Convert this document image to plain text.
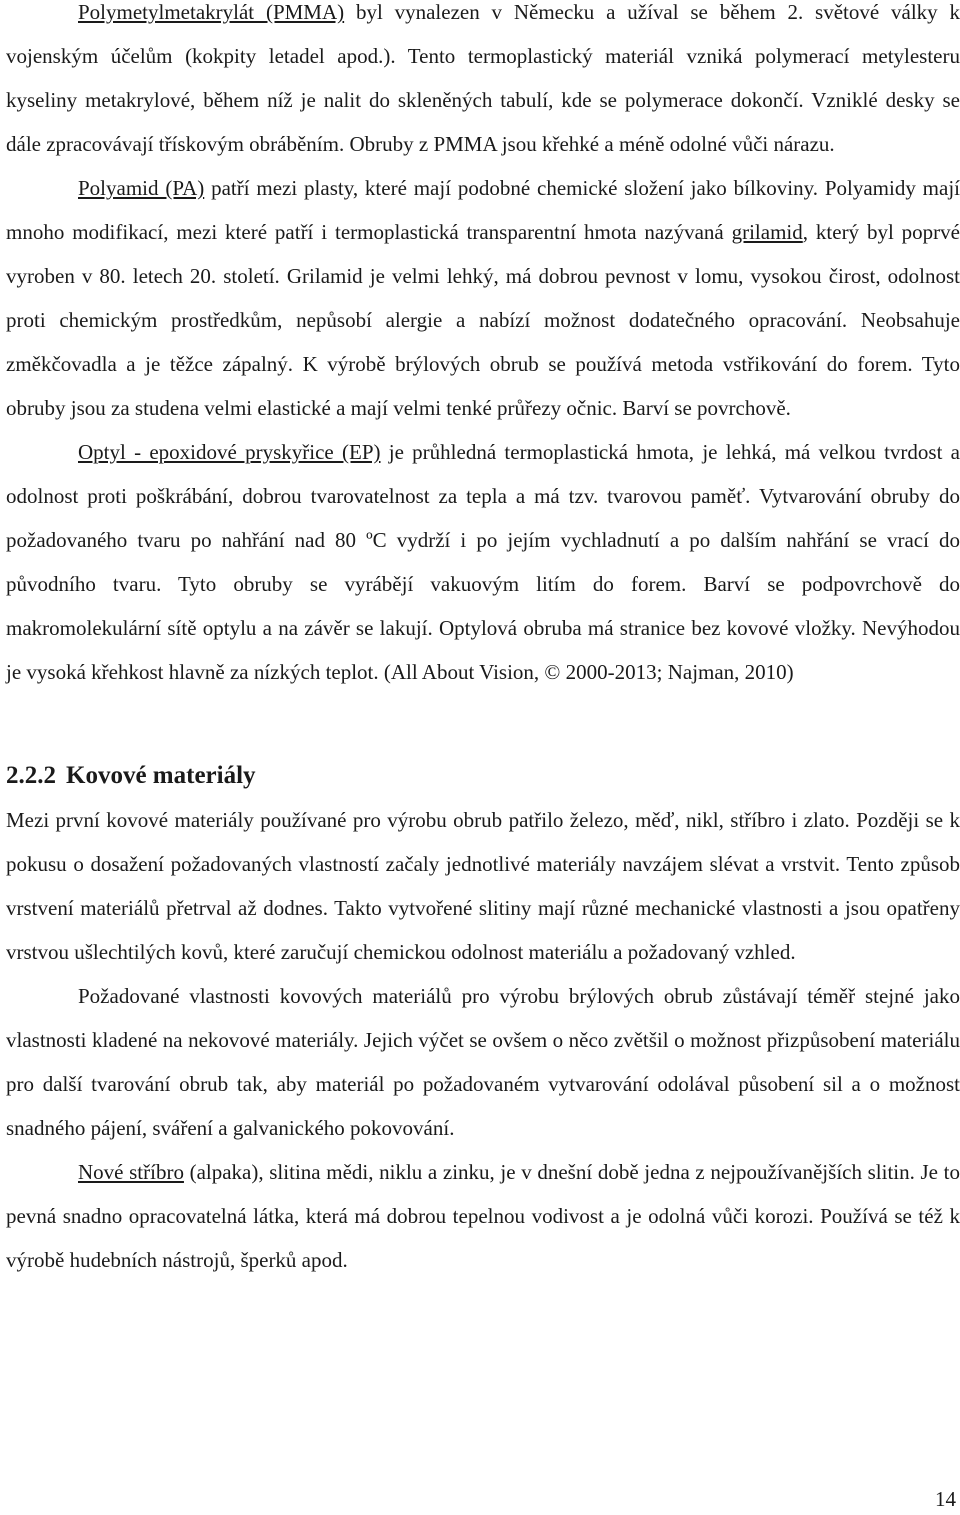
Polymetylmetakrylát (PMMA) byl vynalezen v Německu a užíval se během 2. světové války k vojenským účelům (kokpity letadel apod.). Tento termoplastický materiál vzniká polymerací metylesteru kyseliny metakrylové, během níž je nalit do skleněných tabulí, kde se polymerace dokončí. Vzniklé desky se dále zpracovávají třískovým obráběním. Obruby z PMMA jsou křehké a méně odolné vůči nárazu.

Polyamid (PA) patří mezi plasty, které mají podobné chemické složení jako bílkoviny. Polyamidy mají mnoho modifikací, mezi které patří i termoplastická transparentní hmota nazývaná grilamid, který byl poprvé vyroben v 80. letech 20. století. Grilamid je velmi lehký, má dobrou pevnost v lomu, vysokou čirost, odolnost proti chemickým prostředkům, nepůsobí alergie a nabízí možnost dodatečného opracování. Neobsahuje změkčovadla a je těžce zápalný. K výrobě brýlových obrub se používá metoda vstřikování do forem. Tyto obruby jsou za studena velmi elastické a mají velmi tenké průřezy očnic. Barví se povrchově.

Optyl - epoxidové pryskyřice (EP) je průhledná termoplastická hmota, je lehká, má velkou tvrdost a odolnost proti poškrábání, dobrou tvarovatelnost za tepla a má tzv. tvarovou paměť. Vytvarování obruby do požadovaného tvaru po nahřání nad 80 ºC vydrží i po jejím vychladnutí a po dalším nahřání se vrací do původního tvaru. Tyto obruby se vyrábějí vakuovým litím do forem. Barví se podpovrchově do makromolekulární sítě optylu a na závěr se lakují. Optylová obruba má stranice bez kovové vložky. Nevýhodou je vysoká křehkost hlavně za nízkých teplot. (All About Vision, © 2000-2013; Najman, 2010)

2.2.2 Kovové materiály

Mezi první kovové materiály používané pro výrobu obrub patřilo železo, měď, nikl, stříbro i zlato. Později se k pokusu o dosažení požadovaných vlastností začaly jednotlivé materiály navzájem slévat a vrstvit. Tento způsob vrstvení materiálů přetrval až dodnes. Takto vytvořené slitiny mají různé mechanické vlastnosti a jsou opatřeny vrstvou ušlechtilých kovů, které zaručují chemickou odolnost materiálu a požadovaný vzhled.

Požadované vlastnosti kovových materiálů pro výrobu brýlových obrub zůstávají téměř stejné jako vlastnosti kladené na nekovové materiály. Jejich výčet se ovšem o něco zvětšil o možnost přizpůsobení materiálu pro další tvarování obrub tak, aby materiál po požadovaném vytvarování odolával působení sil a o možnost snadného pájení, sváření a galvanického pokovování.

Nové stříbro (alpaka), slitina mědi, niklu a zinku, je v dnešní době jedna z nejpoužívanějších slitin. Je to pevná snadno opracovatelná látka, která má dobrou tepelnou vodivost a je odolná vůči korozi. Používá se též k výrobě hudebních nástrojů, šperků apod.

14
